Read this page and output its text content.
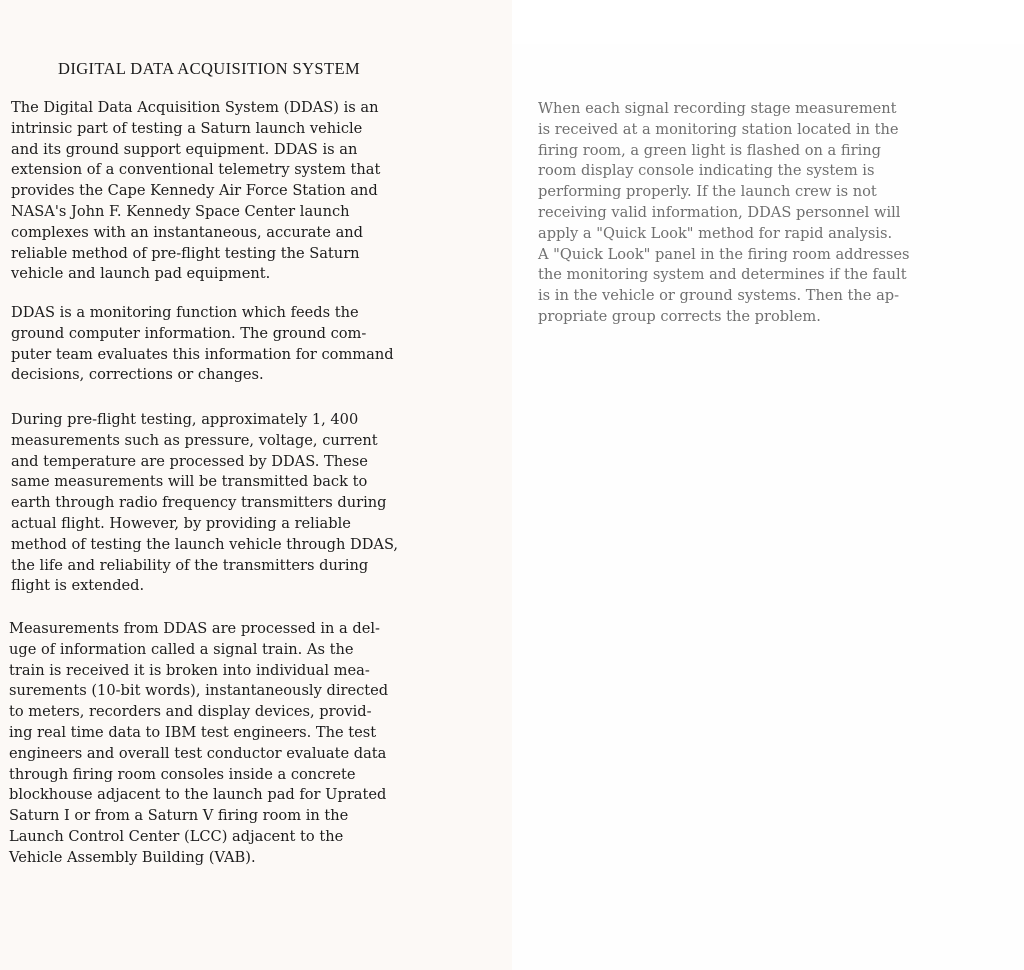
DIGITAL DATA ACQUISITION SYSTEM

The Digital Data Acquisition System (DDAS) is an
intrinsic part of testing a Saturn launch vehicle
and its ground support equipment. DDAS is an
extension of a conventional telemetry system that
provides the Cape Kennedy Air Force Station and
NASA's John F. Kennedy Space Center launch
complexes with an instantaneous, accurate and
reliable method of pre-flight testing the Saturn
vehicle and launch pad equipment.

DDAS is a monitoring function which feeds the
ground computer information. The ground com-
puter team evaluates this information for command
decisions, corrections or changes.

During pre-flight testing, approximately 1, 400
measurements such as pressure, voltage, current
and temperature are processed by DDAS. These
same measurements will be transmitted back to
earth through radio frequency transmitters during
actual flight. However, by providing a reliable
method of testing the launch vehicle through DDAS,
the life and reliability of the transmitters during
flight is extended.

Measurements from DDAS are processed in a del-
uge of information called a signal train. As the
train is received it is broken into individual mea-
surements (10-bit words), instantaneously directed
to meters, recorders and display devices, provid-
ing real time data to IBM test engineers. The test
engineers and overall test conductor evaluate data
through firing room consoles inside a concrete
blockhouse adjacent to the launch pad for Uprated
Saturn I or from a Saturn V firing room in the
Launch Control Center (LCC) adjacent to the
Vehicle Assembly Building (VAB).

When each signal recording stage measurement
is received at a monitoring station located in the
firing room, a green light is flashed on a firing
room display console indicating the system is
performing properly. If the launch crew is not
receiving valid information, DDAS personnel will
apply a "Quick Look" method for rapid analysis.
A "Quick Look" panel in the firing room addresses
the monitoring system and determines if the fault
is in the vehicle or ground systems. Then the ap-
propriate group corrects the problem.
